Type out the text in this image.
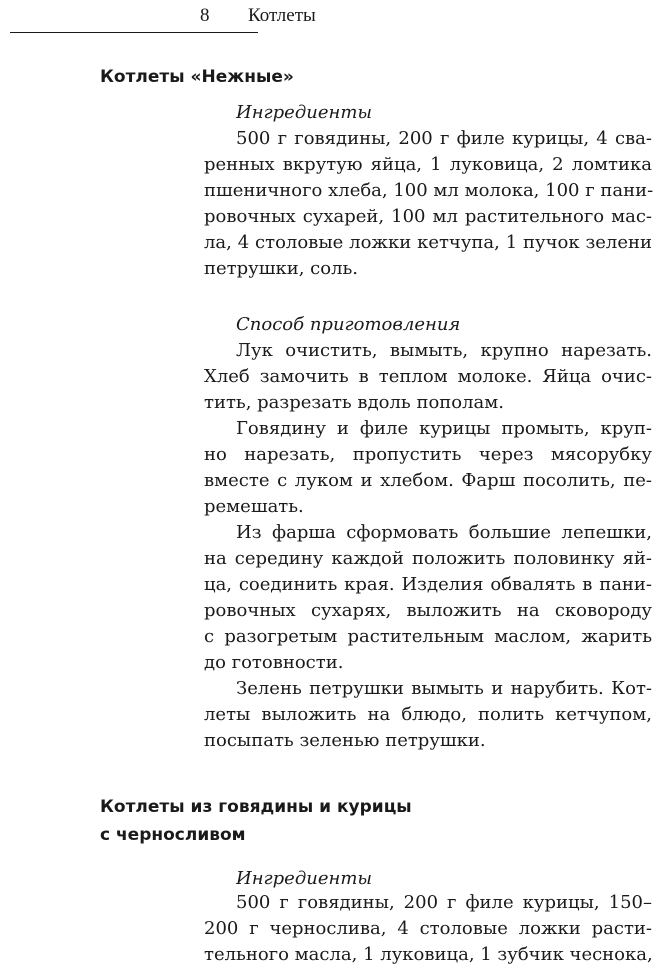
8 Котлеты
Котлеты «Нежные»

Ингредиенты

500 г говядины, 200 г филе курицы, 4 сва-
ренных вкрутую яйца, 1 луковица, 2 ломтика
пшеничного хлеба, 100 мл молока, 100 г пани-
ровочных сухарей, 100 мл растительного мас-
ла, 4 столовые ложки кетчупа, 1 пучок зелени
петрушки, соль.

Способ приготовления

Лук очистить, вымыть, крупно нарезать.
Хлеб замочить в теплом молоке. Яйца очис-
тить, разрезать вдоль пополам.
Говядину и филе курицы промыть, круп-
но нарезать, пропустить через мясорубку
вместе с луком и хлебом. Фарш посолить, пе-
ремешать.
Из фарша сформовать большие лепешки,
на середину каждой положить половинку яй-
ца, соединить края. Изделия обвалять в пани-
ровочных сухарях, выложить на сковороду
с разогретым растительным маслом, жарить
до готовности.
Зелень петрушки вымыть и нарубить. Кот-
леты выложить на блюдо, полить кетчупом,
посыпать зеленью петрушки.
Котлеты из говядины и курицы
с черносливом

Ингредиенты

500 г говядины, 200 г филе курицы, 150–
200 г чернослива, 4 столовые ложки расти-
тельного масла, 1 луковица, 1 зубчик чеснока,
